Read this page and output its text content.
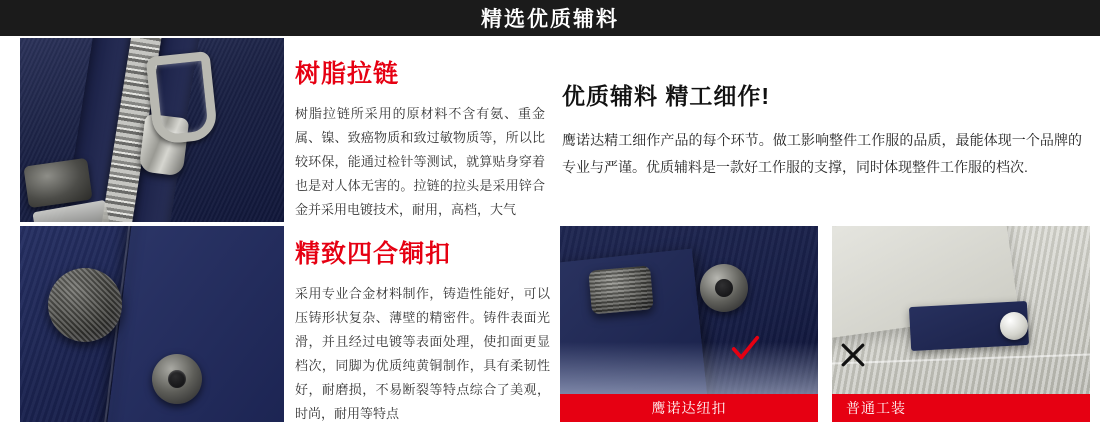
精选优质辅料
树脂拉链

树脂拉链所采用的原材料不含有氨、重金属、镍、致癌物质和致过敏物质等，所以比较环保，能通过检针等测试，就算贴身穿着也是对人体无害的。拉链的拉头是采用锌合金并采用电镀技术，耐用，高档，大气

优质辅料 精工细作!

鹰诺达精工细作产品的每个环节。做工影响整件工作服的品质，最能体现一个品牌的专业与严谨。优质辅料是一款好工作服的支撑，同时体现整件工作服的档次.

精致四合铜扣

采用专业合金材料制作，铸造性能好，可以压铸形状复杂、薄壁的精密件。铸件表面光滑，并且经过电镀等表面处理，使扣面更显档次，同脚为优质纯黄铜制作，具有柔韧性好，耐磨损，不易断裂等特点综合了美观，时尚，耐用等特点	鹰诺达纽扣	普通工装
